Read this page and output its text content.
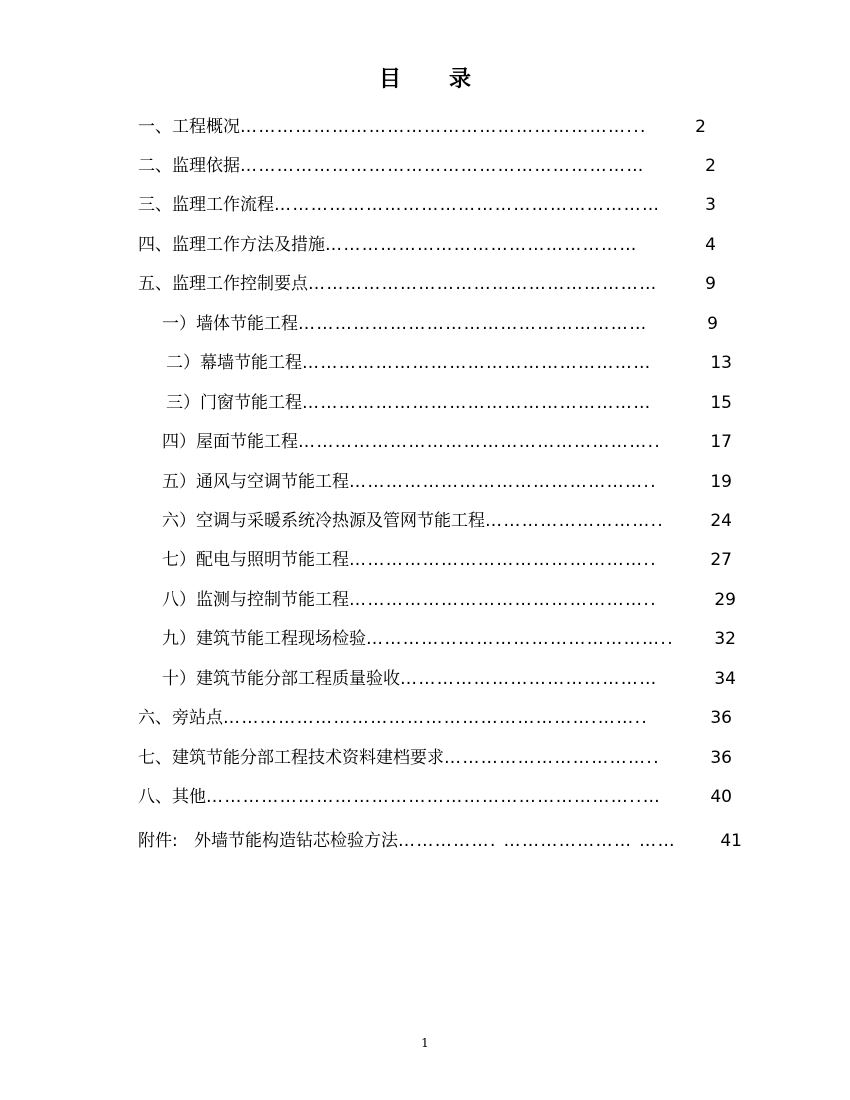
目 录
一、工程概况 ………………………………………………………...	2
二、监理依据 …………………………………………………………	2
三、监理工作流程 ………………………………………………………	3
四、监理工作方法及措施 ……………………………………………	4
五、监理工作控制要点 …………………………………………………	9
一）墙体节能工程 …………………………………………………	9
二）幕墙节能工程 …………………………………………………	13
三）门窗节能工程 …………………………………………………	15
四）屋面节能工程 …………………………………………………..	17
五）通风与空调节能工程 …………………………………………..	19
六）空调与采暖系统冷热源及管网节能工程 ………………………..	24
七）配电与照明节能工程 …………………………………………..	27
八）监测与控制节能工程 …………………………………………..	29
九）建筑节能工程现场检验 …………………………………………..	32
十）建筑节能分部工程质量验收 ……………………………………	34
六、旁站点 …………………………………………………….……..	36
七、建筑节能分部工程技术资料建档要求 ……………………………..	36
八、其他 ……………………………………………………………..…	40
附件:   外墙节能构造钻芯检验方法 ……………. ………………… ……	41
1
